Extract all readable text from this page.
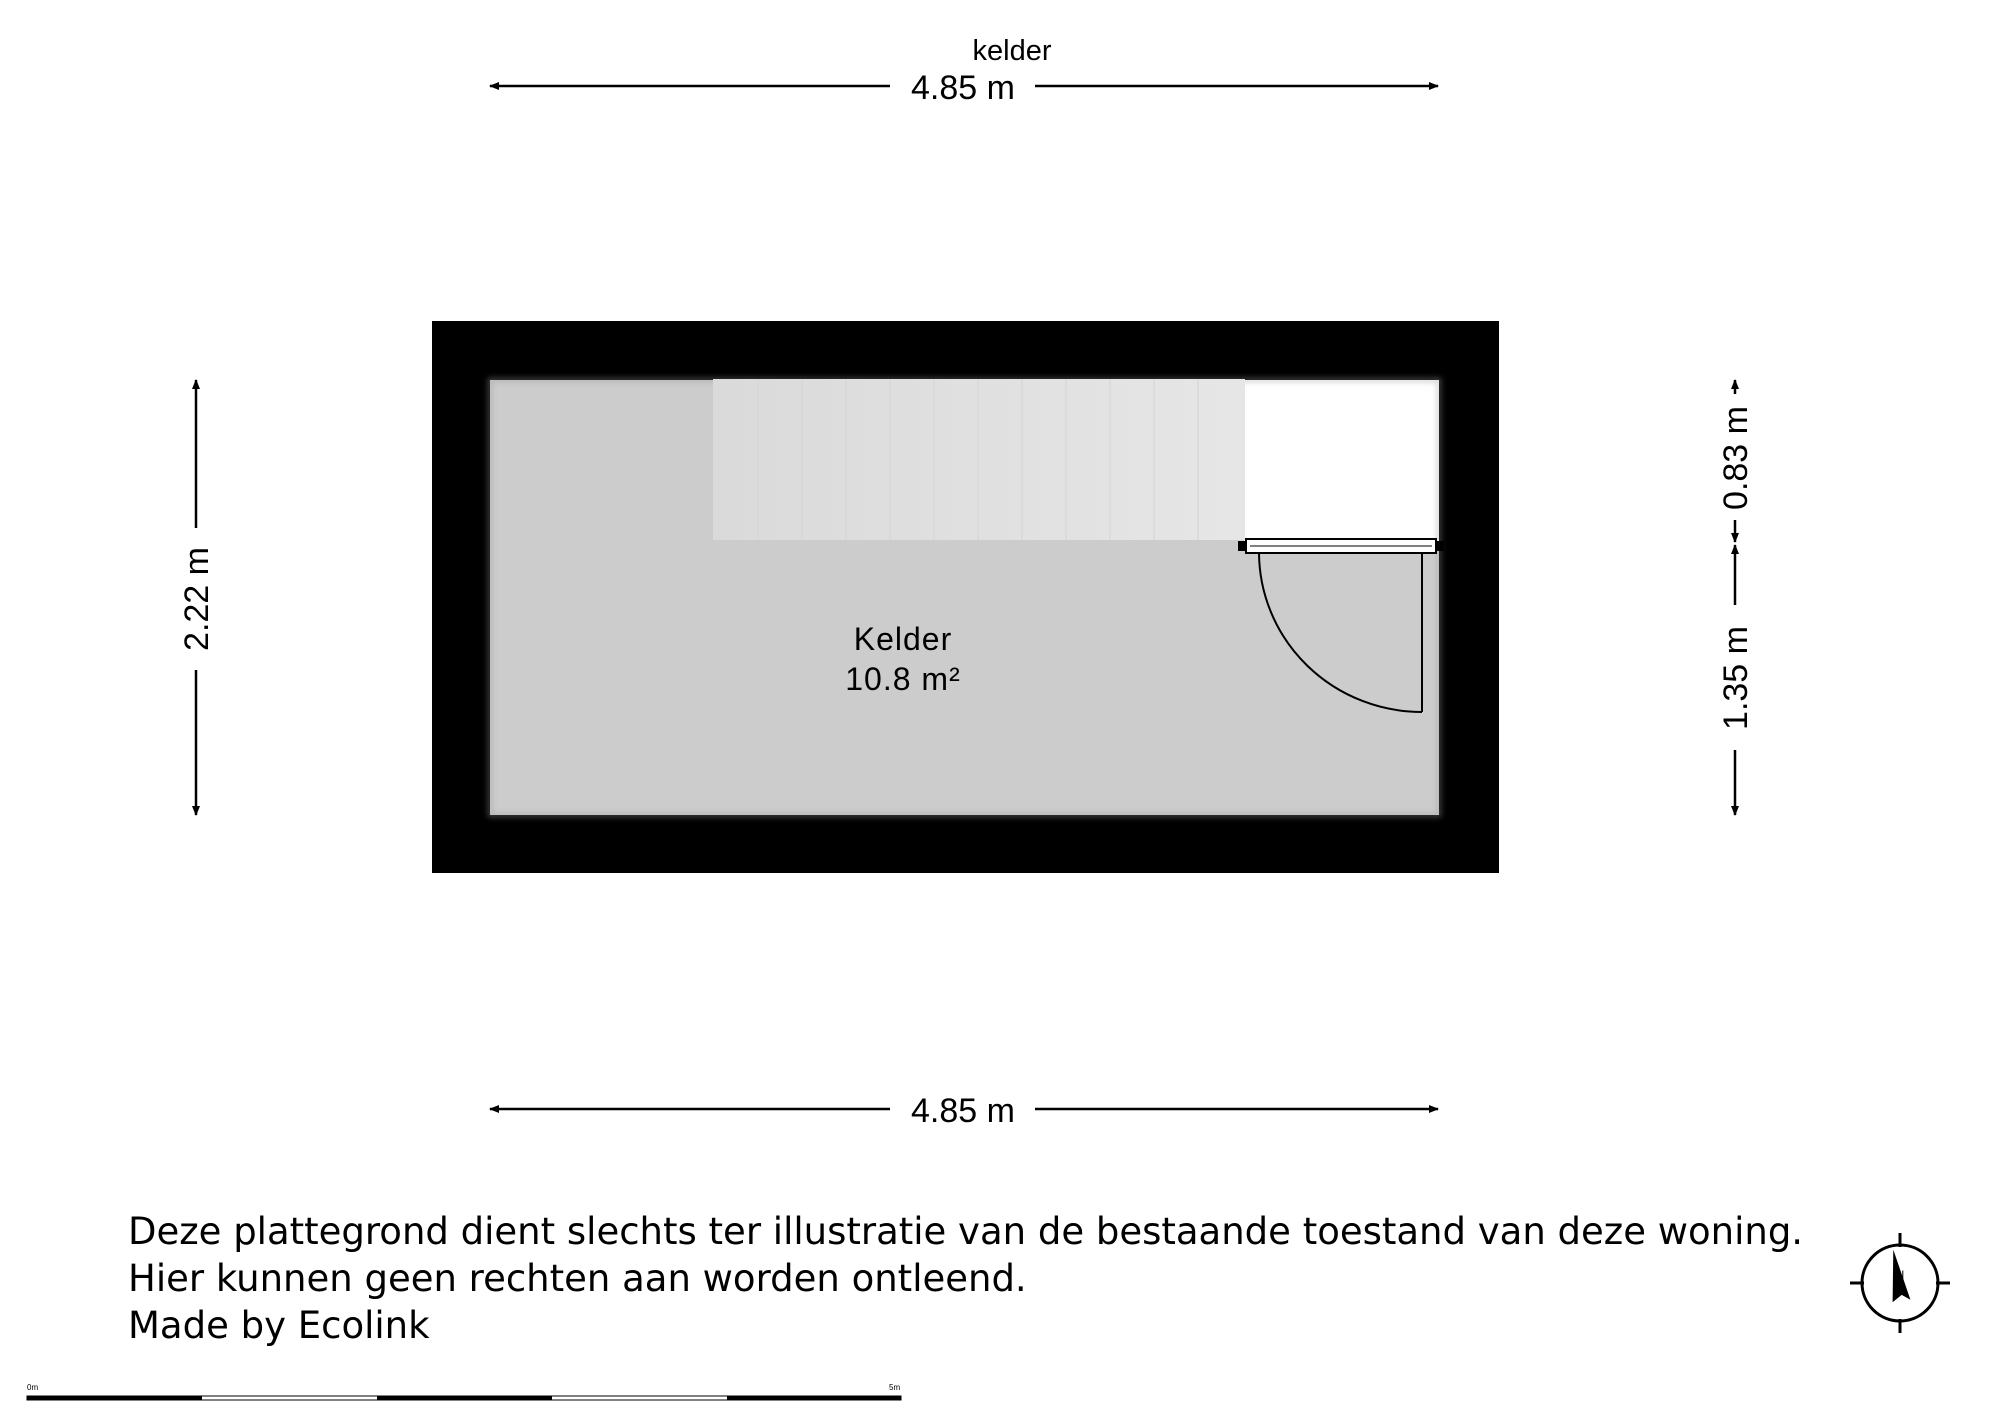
kelder
4.85 m
Kelder
10.8 m²
2.22 m
0.83 m
1.35 m
4.85 m
N
0m	5m
Deze plattegrond dient slechts ter illustratie van de bestaande toestand van deze woning.
Hier kunnen geen rechten aan worden ontleend.
Made by Ecolink
